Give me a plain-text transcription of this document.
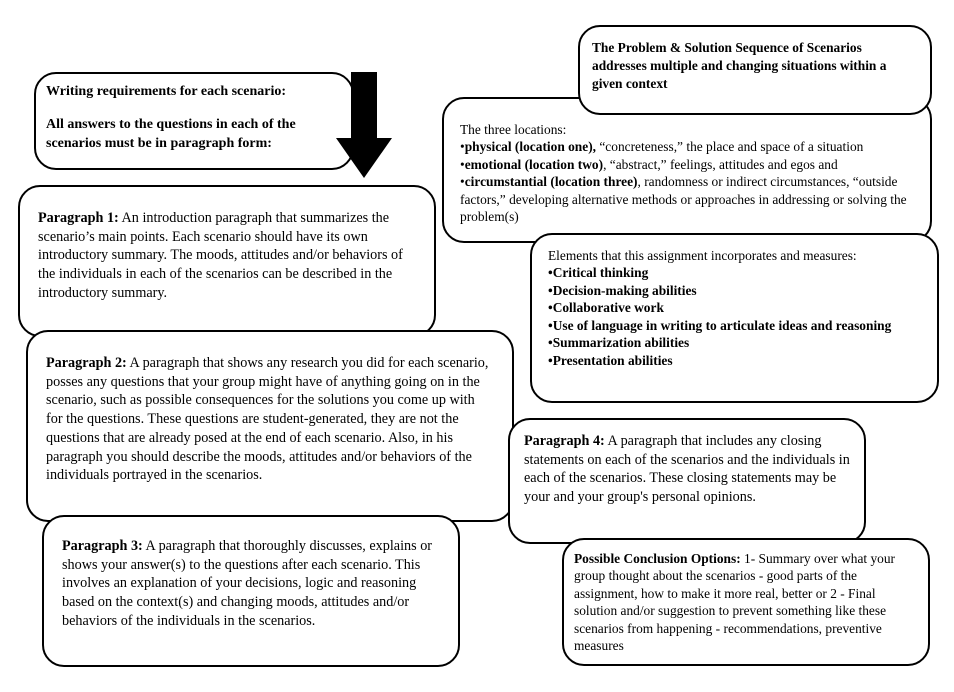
Writing requirements for each scenario:

All answers to the questions in each of the scenarios must be in paragraph form:

Paragraph 1: An introduction paragraph that summarizes the scenario’s main points. Each scenario should have its own introductory summary. The moods, attitudes and/or behaviors of the individuals in each of the scenarios can be described in the introductory summary.

Paragraph 2: A paragraph that shows any research you did for each scenario, posses any questions that your group might have of anything going on in the scenario, such as possible consequences for the solutions you come up with for the questions. These questions are student-generated, they are not the questions that are already posed at the end of each scenario. Also, in his paragraph you should describe the moods, attitudes and/or behaviors of the individuals portrayed in the scenarios.

Paragraph 3: A paragraph that thoroughly discusses, explains or shows your answer(s) to the questions after each scenario. This involves an explanation of your decisions, logic and reasoning based on the context(s) and changing moods, attitudes and/or behaviors of the individuals in the scenarios.

The three locations:

•physical (location one), “concreteness,” the place and space of a situation

•emotional (location two), “abstract,” feelings, attitudes and egos and

•circumstantial (location three), randomness or indirect circumstances, “outside factors,” developing alternative methods or approaches in addressing or solving the problem(s)

The Problem & Solution Sequence of Scenarios addresses multiple and changing situations within a given context

Elements that this assignment incorporates and measures:

•Critical thinking

•Decision-making abilities

•Collaborative work

•Use of language in writing to articulate ideas and reasoning

•Summarization abilities

•Presentation abilities

Paragraph 4: A paragraph that includes any closing statements on each of the scenarios and the individuals in each of the scenarios. These closing statements may be your and your group's personal opinions.

Possible Conclusion Options: 1- Summary over what your group thought about the scenarios - good parts of the assignment, how to make it more real, better or 2 - Final solution and/or suggestion to prevent something like these scenarios from happening - recommendations, preventive measures
